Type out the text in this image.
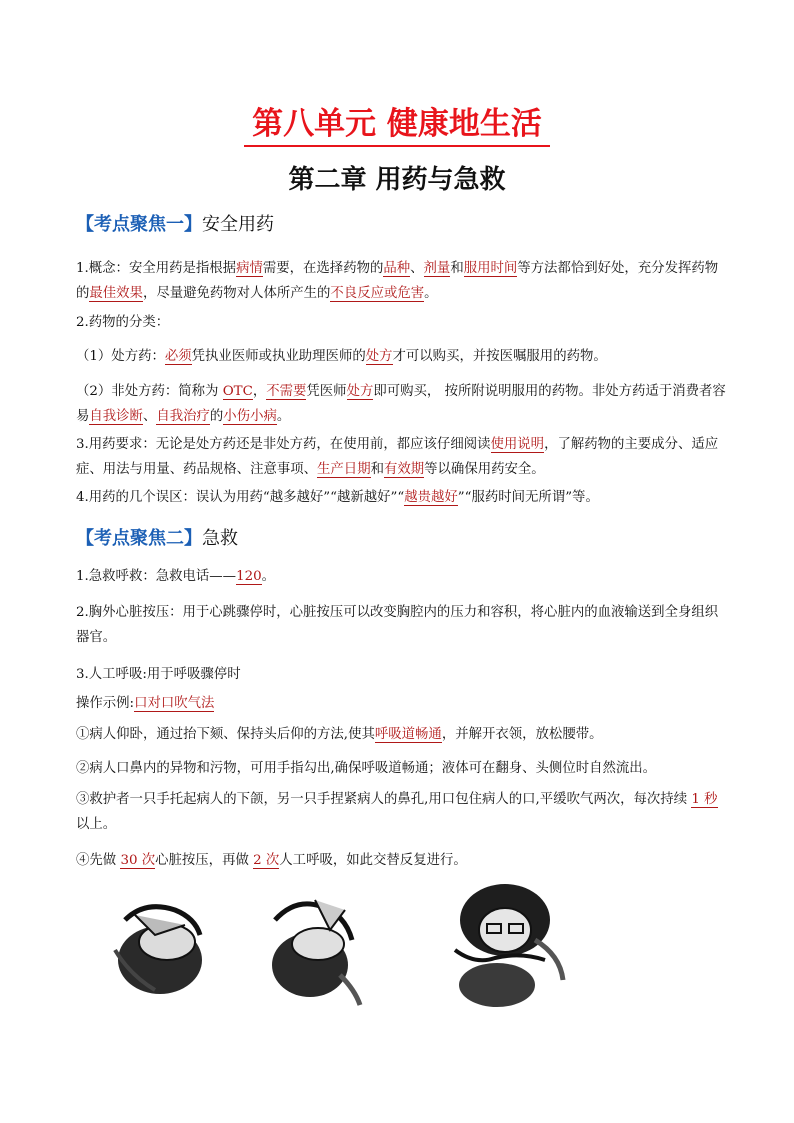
第八单元 健康地生活
第二章 用药与急救
【考点聚焦一】安全用药

1.概念：安全用药是指根据病情需要，在选择药物的品种、剂量和服用时间等方法都恰到好处，充分发挥药物的最佳效果，尽量避免药物对人体所产生的不良反应或危害。

2.药物的分类：

（1）处方药：必须凭执业医师或执业助理医师的处方才可以购买，并按医嘱服用的药物。

（2）非处方药：简称为 OTC，不需要凭医师处方即可购买， 按所附说明服用的药物。非处方药适于消费者容易自我诊断、自我治疗的小伤小病。

3.用药要求：无论是处方药还是非处方药，在使用前，都应该仔细阅读使用说明，了解药物的主要成分、适应症、用法与用量、药品规格、注意事项、生产日期和有效期等以确保用药安全。

4.用药的几个误区：误认为用药“越多越好”“越新越好”“越贵越好”“服药时间无所谓”等。

【考点聚焦二】急救

1.急救呼救：急救电话——120。

2.胸外心脏按压：用于心跳骤停时，心脏按压可以改变胸腔内的压力和容积，将心脏内的血液输送到全身组织器官。

3.人工呼吸:用于呼吸骤停时

操作示例:口对口吹气法

①病人仰卧，通过抬下颏、保持头后仰的方法,使其呼吸道畅通，并解开衣领，放松腰带。

②病人口鼻内的异物和污物，可用手指勾出,确保呼吸道畅通；液体可在翻身、头侧位时自然流出。

③救护者一只手托起病人的下颌，另一只手捏紧病人的鼻孔,用口包住病人的口,平缓吹气两次，每次持续 1 秒以上。

④先做 30 次心脏按压，再做 2 次人工呼吸，如此交替反复进行。
